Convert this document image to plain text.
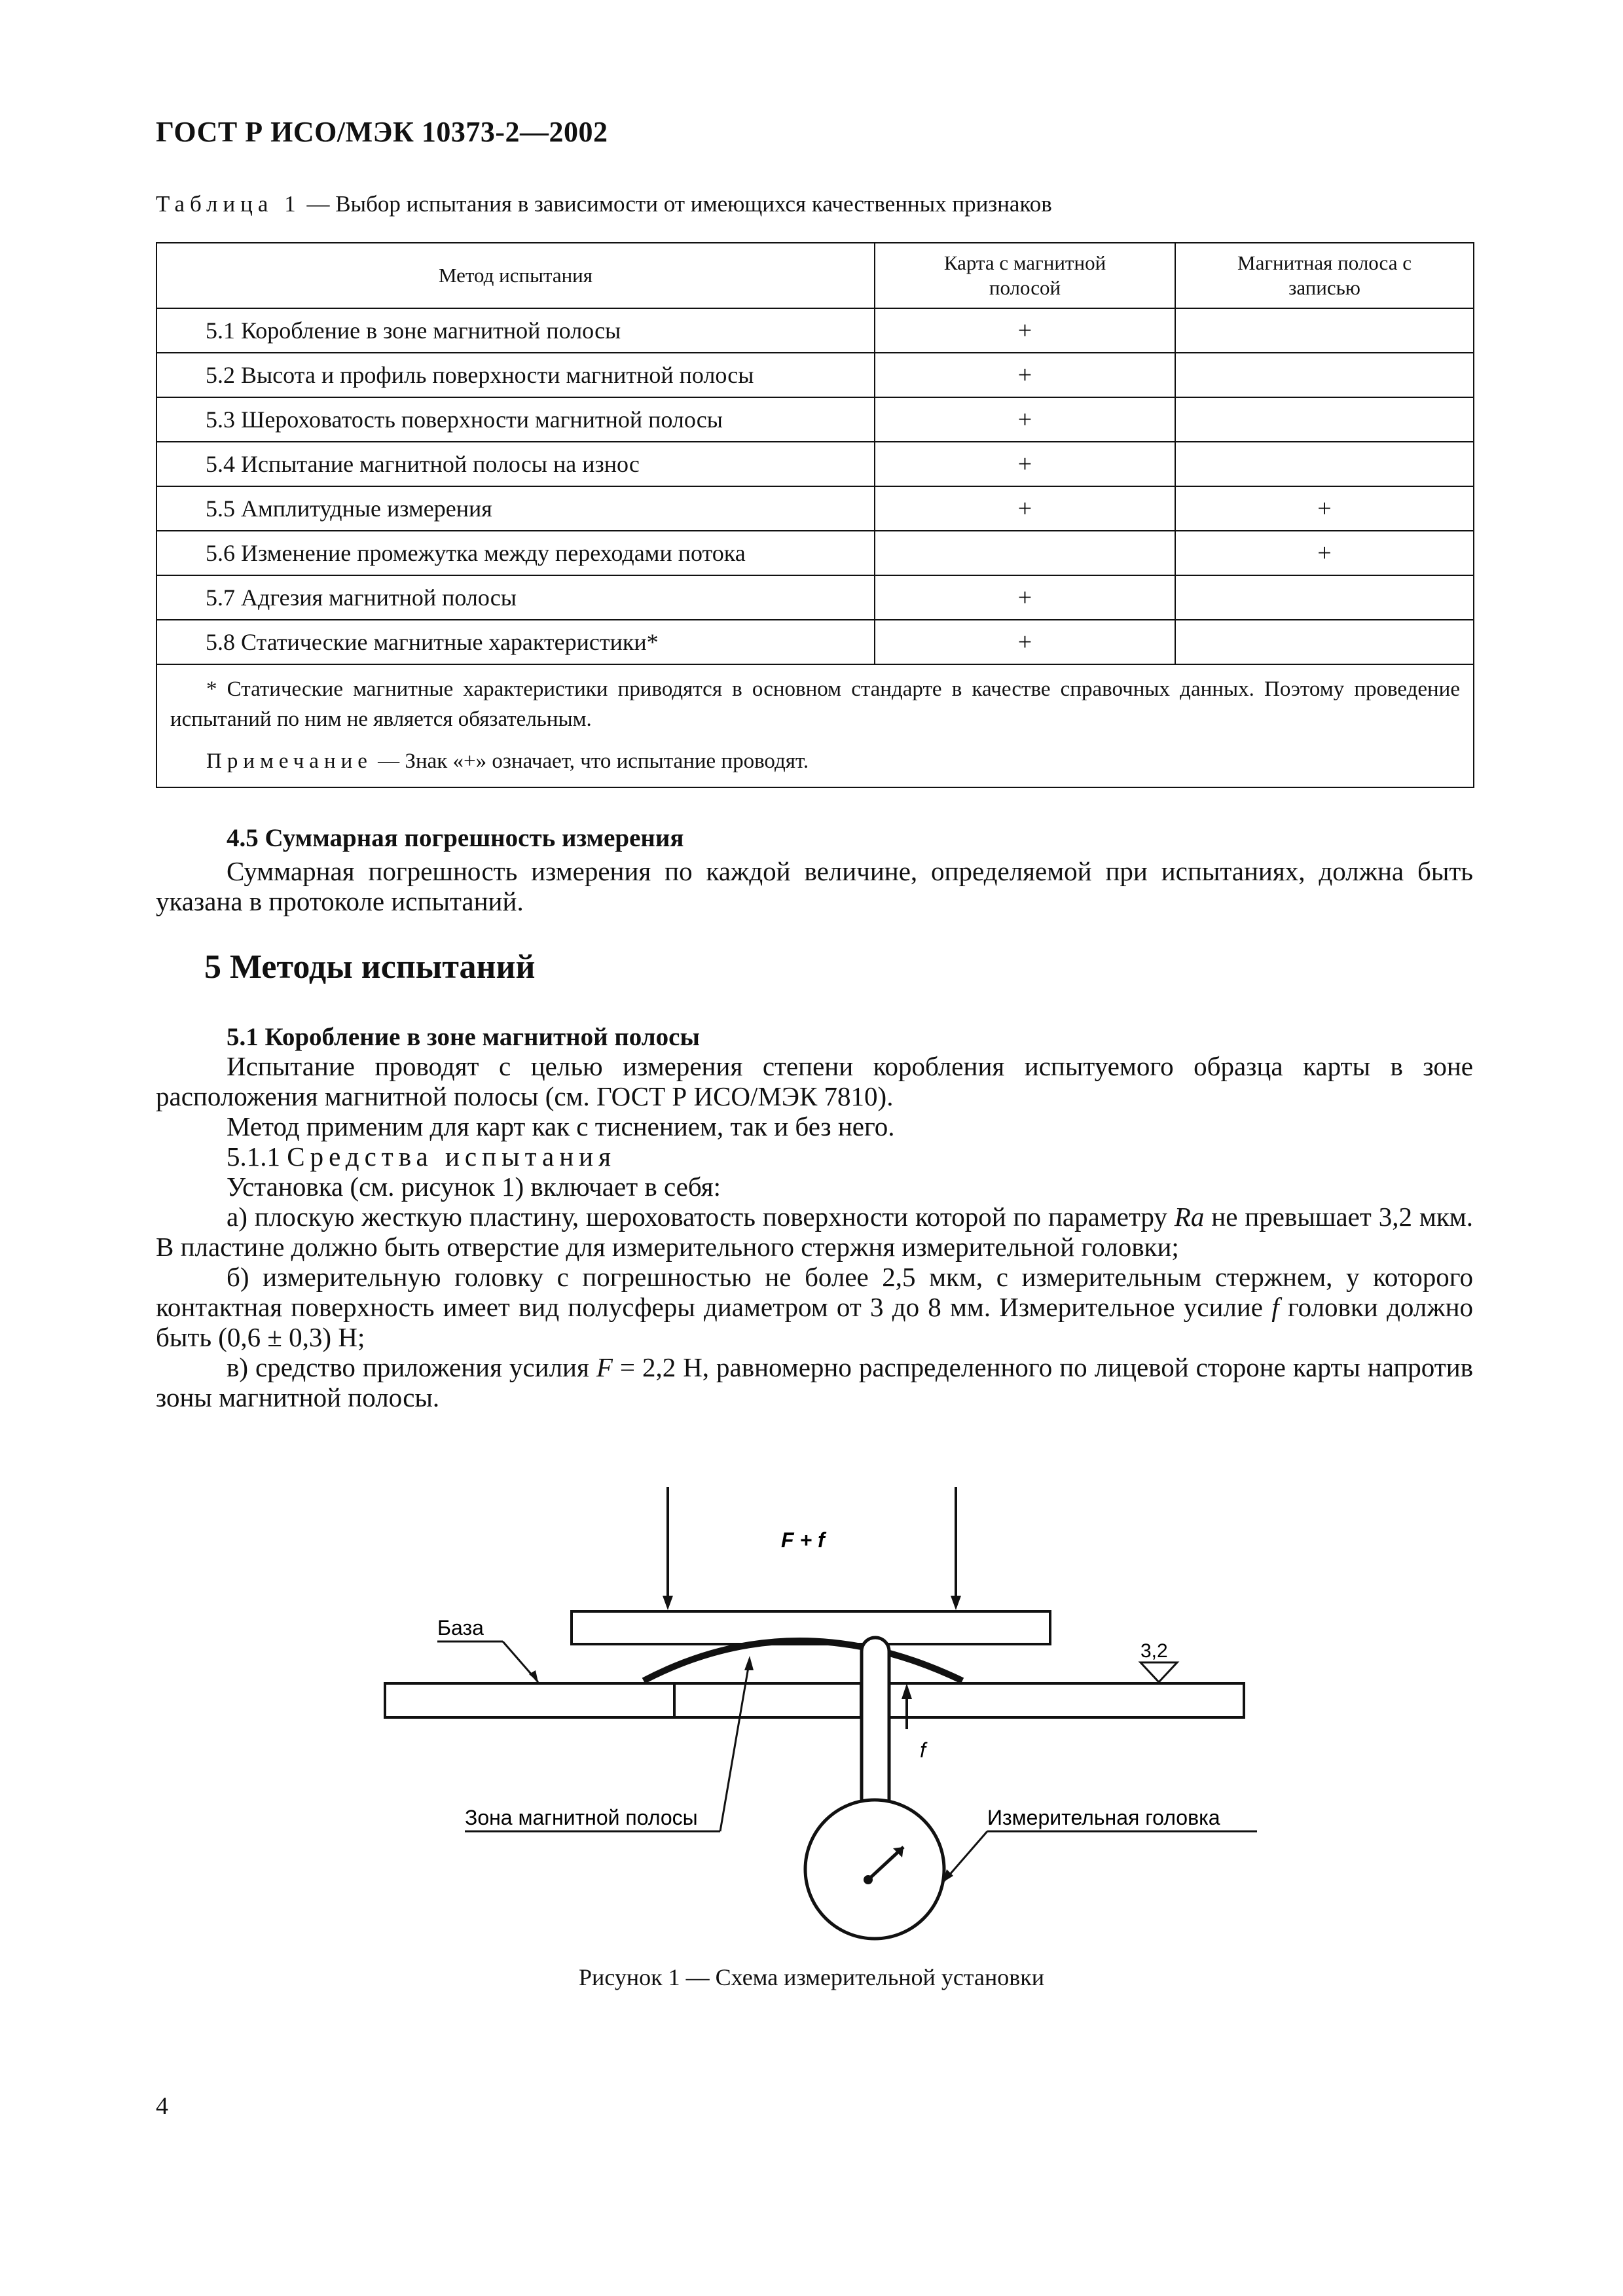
ГОСТ Р ИСО/МЭК 10373-2—2002
Таблица 1 — Выбор испытания в зависимости от имеющихся качественных признаков
Метод испытания	Карта с магнитной полосой	Магнитная полоса с записью

5.1 Коробление в зоне магнитной полосы	+	
5.2 Высота и профиль поверхности магнитной полосы	+	
5.3 Шероховатость поверхности магнитной полосы	+	
5.4 Испытание магнитной полосы на износ	+	
5.5 Амплитудные измерения	+	+
5.6 Изменение промежутка между переходами потока		+
5.7 Адгезия магнитной полосы	+	
5.8 Статические магнитные характеристики*	+	

* Статические магнитные характеристики приводятся в основном стандарте в качестве справочных данных. Поэтому проведение испытаний по ним не является обязательным.

Примечание — Знак «+» означает, что испытание проводят.		

4.5 Суммарная погрешность измерения

Суммарная погрешность измерения по каждой величине, определяемой при испытаниях, должна быть указана в протоколе испытаний.

5 Методы испытаний
5.1 Коробление в зоне магнитной полосы

Испытание проводят с целью измерения степени коробления испытуемого образца карты в зоне расположения магнитной полосы (см. ГОСТ Р ИСО/МЭК 7810).

Метод применим для карт как с тиснением, так и без него.

5.1.1 Средства испытания

Установка (см. рисунок 1) включает в себя:

а) плоскую жесткую пластину, шероховатость поверхности которой по параметру Ra не превышает 3,2 мкм. В пластине должно быть отверстие для измерительного стержня измерительной головки;

б) измерительную головку с погрешностью не более 2,5 мкм, с измерительным стержнем, у которого контактная поверхность имеет вид полусферы диаметром от 3 до 8 мм. Измерительное усилие f головки должно быть (0,6 ± 0,3) Н;

в) средство приложения усилия F = 2,2 Н, равномерно распределенного по лицевой стороне карты напротив зоны магнитной полосы.

F + f
f
База
3,2
Зона магнитной полосы	Измерительная головка
Рисунок 1 — Схема измерительной установки
4
